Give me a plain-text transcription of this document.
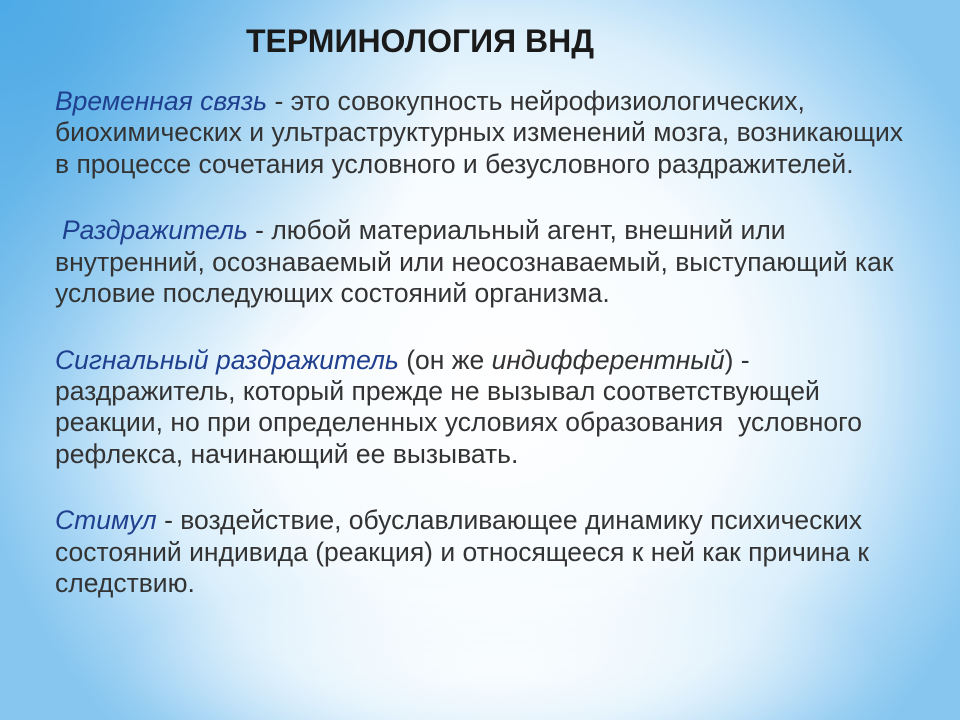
ТЕРМИНОЛОГИЯ ВНД
Временная связь - это совокупность нейрофизиологических,
биохимических и ультраструктурных изменений мозга, возникающих
в процессе сочетания условного и безусловного раздражителей.
Раздражитель - любой материальный агент, внешний или
внутренний, осознаваемый или неосознаваемый, выступающий как
условие последующих состояний организма.
Сигнальный раздражитель (он же индифферентный) -
раздражитель, который прежде не вызывал соответствующей
реакции, но при определенных условиях образования  условного
рефлекса, начинающий ее вызывать.
Стимул - воздействие, обуславливающее динамику психических
состояний индивида (реакция) и относящееся к ней как причина к
следствию.
